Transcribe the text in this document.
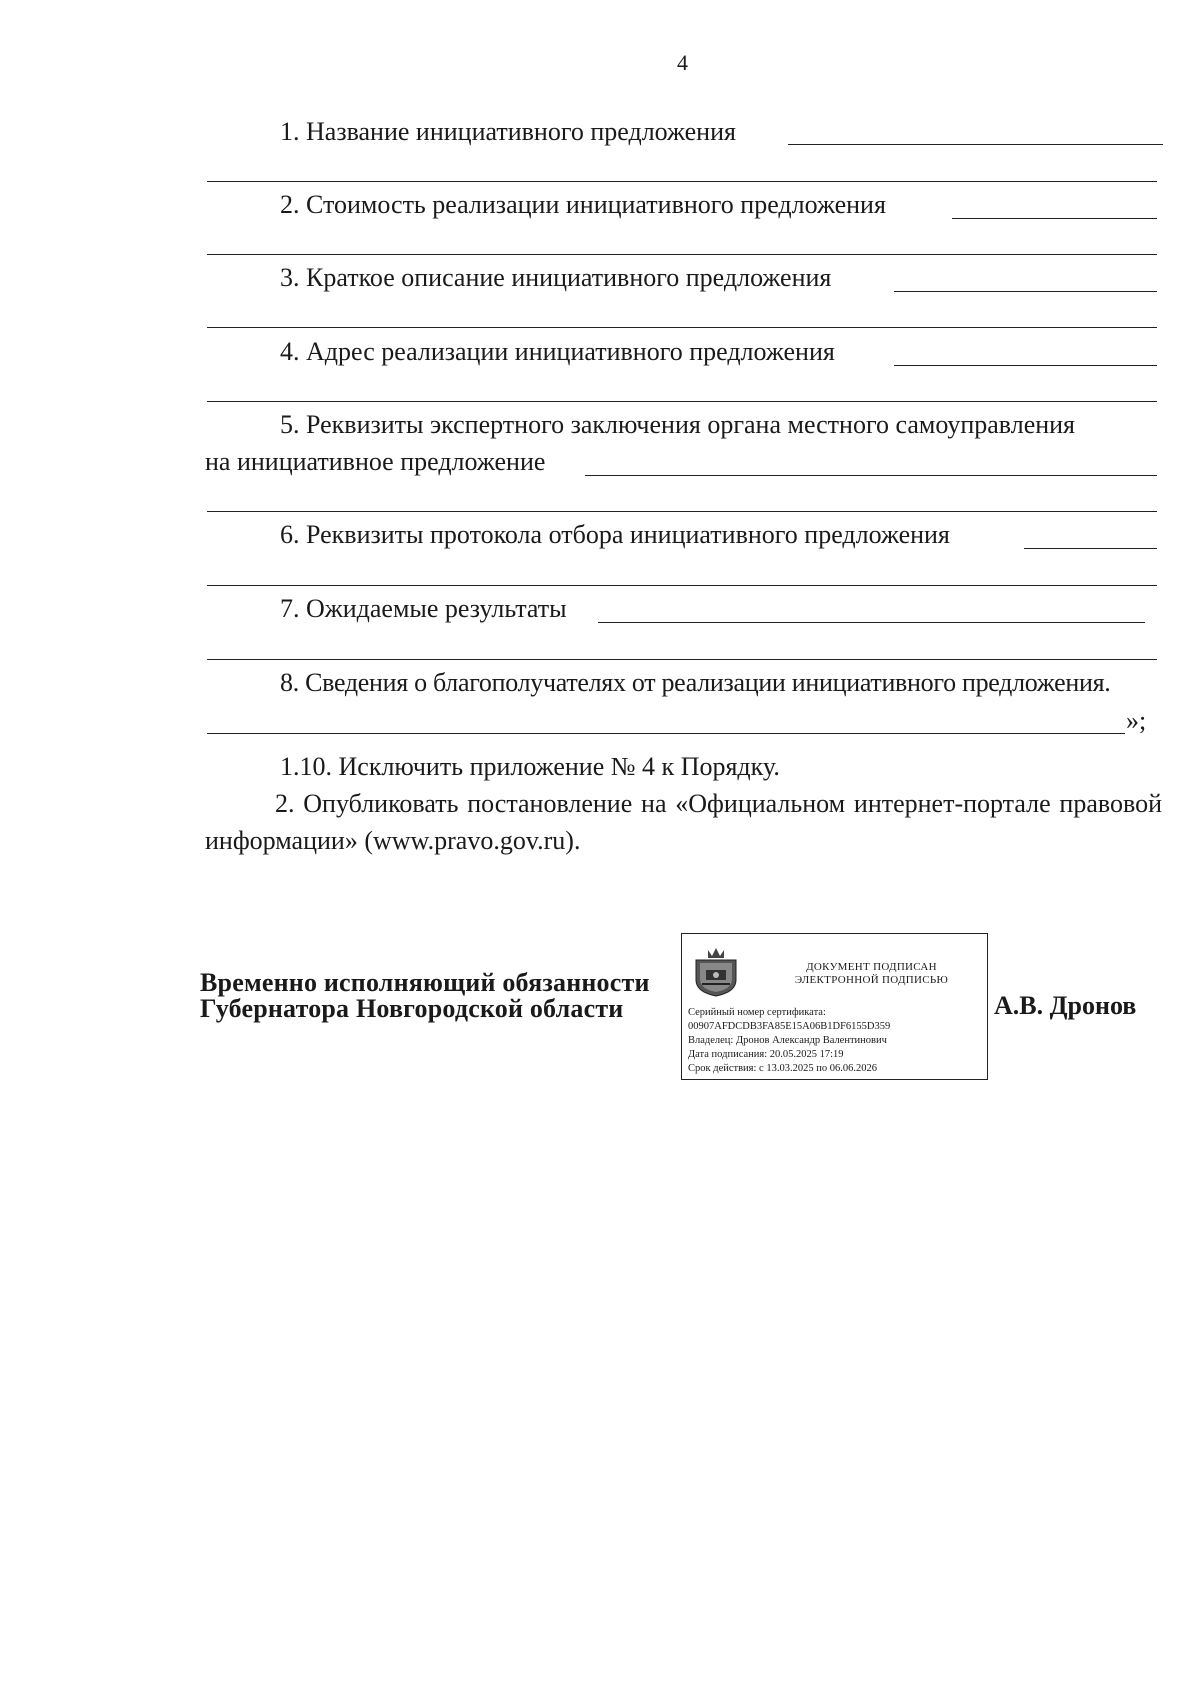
4
1. Название инициативного предложения
2. Стоимость реализации инициативного предложения
3. Краткое описание инициативного предложения
4. Адрес реализации инициативного предложения
5. Реквизиты экспертного заключения органа местного самоуправления
на инициативное предложение
6. Реквизиты протокола отбора инициативного предложения
7. Ожидаемые результаты
8. Сведения о благополучателях от реализации инициативного предложения.
»;
1.10. Исключить приложение № 4 к Порядку.
2. Опубликовать постановление на «Официальном интернет-портале правовой информации» (www.pravo.gov.ru).
Временно исполняющий обязанности
Губернатора Новгородской области
ДОКУМЕНТ ПОДПИСАН
ЭЛЕКТРОННОЙ ПОДПИСЬЮ
Серийный номер сертификата:
00907AFDCDB3FA85E15A06B1DF6155D359
Владелец: Дронов Александр Валентинович
Дата подписания: 20.05.2025 17:19
Срок действия: с 13.03.2025 по 06.06.2026
А.В. Дронов
